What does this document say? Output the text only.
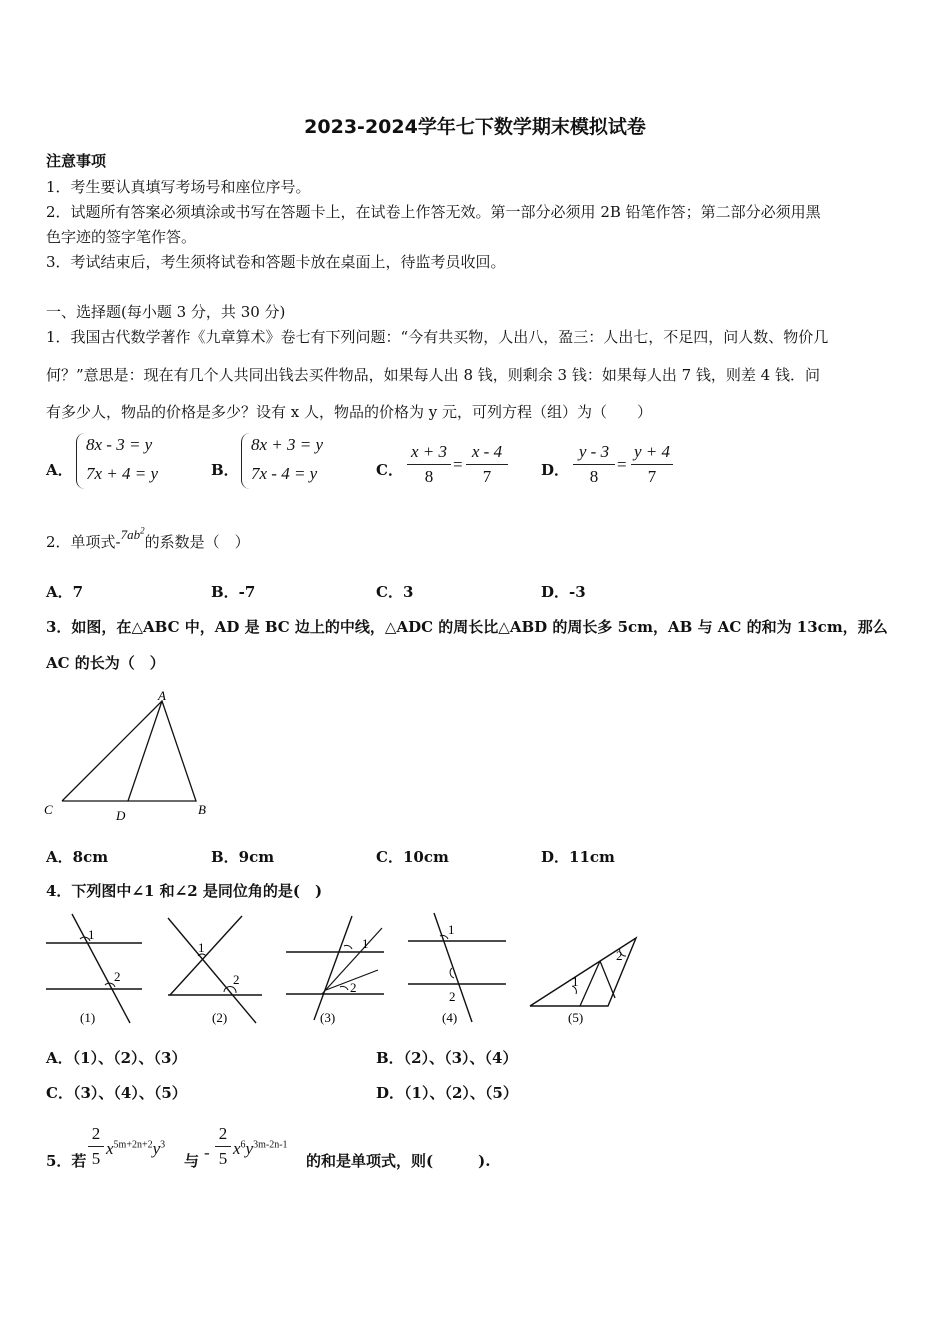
2023-2024学年七下数学期末模拟试卷
注意事项
1．考生要认真填写考场号和座位序号。
2．试题所有答案必须填涂或书写在答题卡上，在试卷上作答无效。第一部分必须用 2B 铅笔作答；第二部分必须用黑
色字迹的签字笔作答。
3．考试结束后，考生须将试卷和答题卡放在桌面上，待监考员收回。
一、选择题(每小题 3 分，共 30 分)
1．我国古代数学著作《九章算术》卷七有下列问题：“今有共买物，人出八，盈三：人出七，不足四，问人数、物价几
何？”意思是：现在有几个人共同出钱去买件物品，如果每人出 8 钱，则剩余 3 钱：如果每人出 7 钱，则差 4 钱．问
有多少人，物品的价格是多少？设有 x 人，物品的价格为 y 元，可列方程（组）为（　　）
A．
8x - 3 = y
7x + 4 = y	B．
8x + 3 = y
7x - 4 = y	C．
x + 3
8
=
x - 4
7	D．
y - 3
8
=
y + 4
7
2．单项式$-7ab^2$的系数是（　）
A．7	B．-7	C．3	D．-3
3．如图，在△ABC 中，AD 是 BC 边上的中线，△ADC 的周长比△ABD 的周长多 5cm，AB 与 AC 的和为 13cm，那么
AC 的长为（　）
A
C	D	B
A．8cm	B．9cm	C．10cm	D．11cm
4．下列图中∠1 和∠2 是同位角的是(　)
1
2
(1)
1
2
(2)
1
2
(3)
1
2
(4)
1
2
(5)
A．（1）、（2）、（3）	B．（2）、（3）、（4）
C．（3）、（4）、（5）	D．（1）、（2）、（5）
5．若
2
5
$x^{5m+2n+2}y^3$
与 -
2
5
$x^6y^{3m-2n-1}$
的和是单项式，则(　　　).
